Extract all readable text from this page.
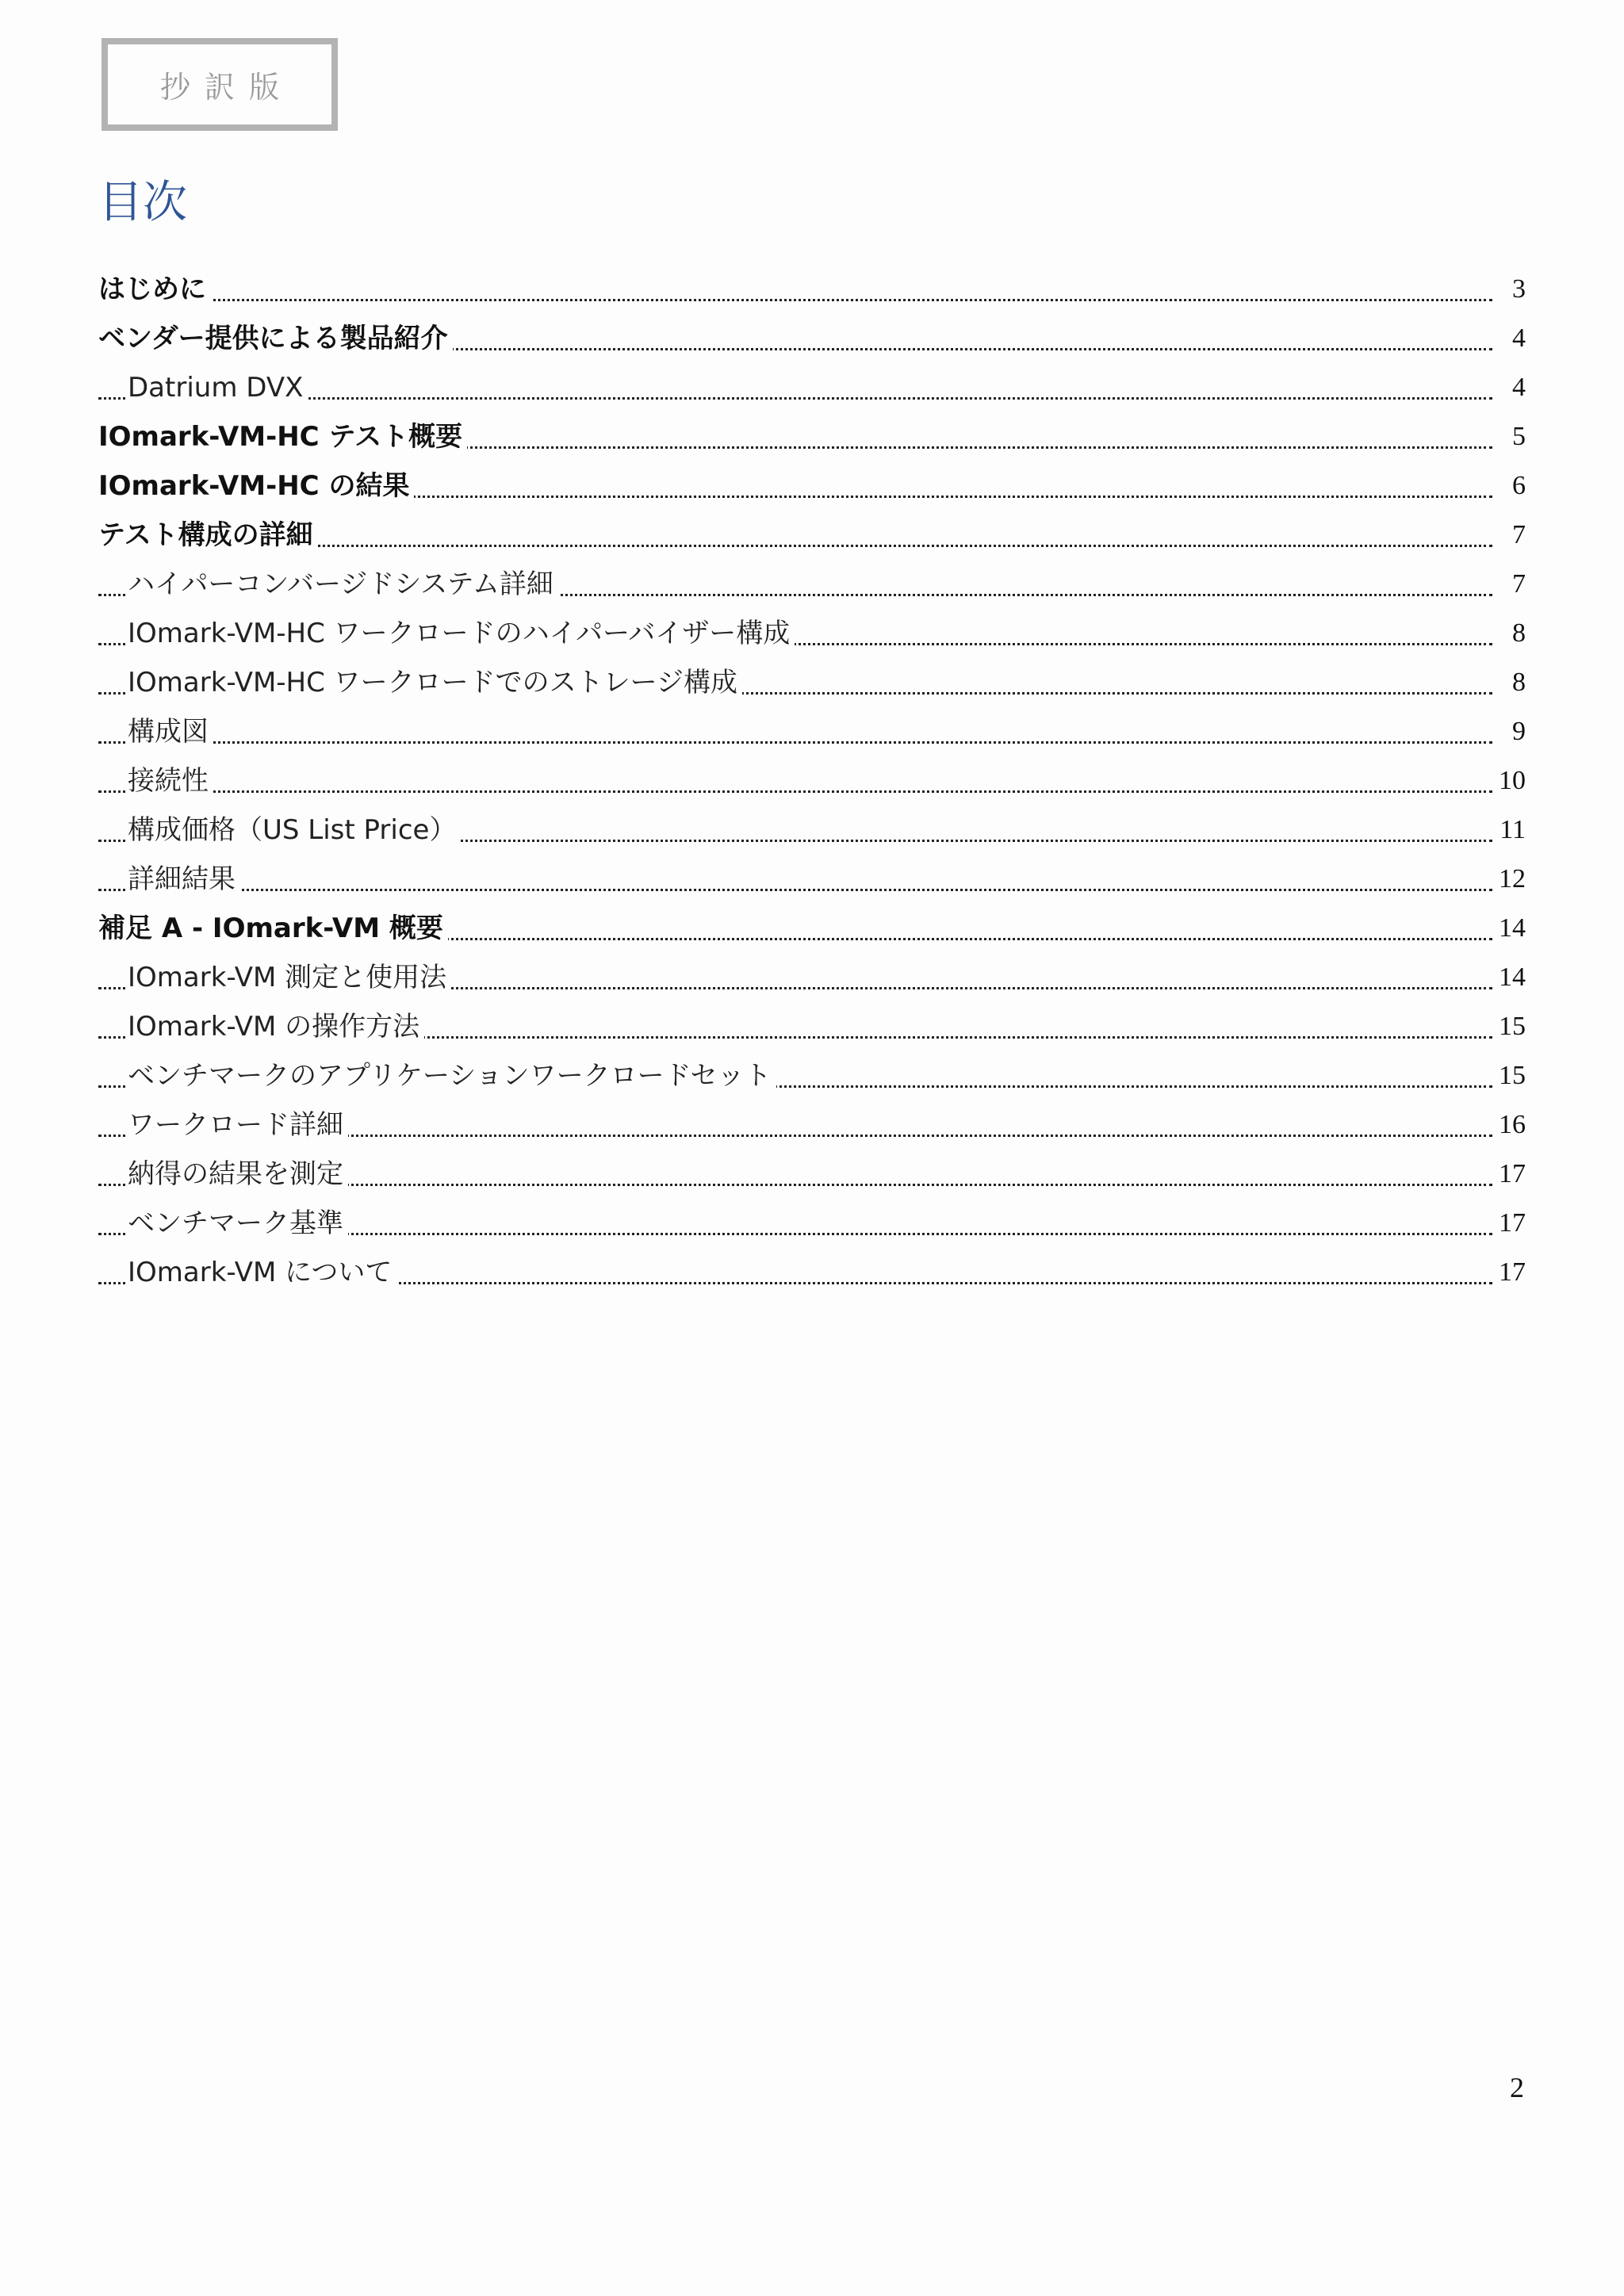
抄訳版
目次
はじめに	3
ベンダー提供による製品紹介	4
Datrium DVX	4
IOmark-VM-HC テスト概要	5
IOmark-VM-HC の結果	6
テスト構成の詳細	7
ハイパーコンバージドシステム詳細	7
IOmark-VM-HC ワークロードのハイパーバイザー構成	8
IOmark-VM-HC ワークロードでのストレージ構成	8
構成図	9
接続性	10
構成価格（US List Price）	11
詳細結果	12
補足 A - IOmark-VM 概要	14
IOmark-VM 測定と使用法	14
IOmark-VM の操作方法	15
ベンチマークのアプリケーションワークロードセット	15
ワークロード詳細	16
納得の結果を測定	17
ベンチマーク基準	17
IOmark-VM について	17
2
